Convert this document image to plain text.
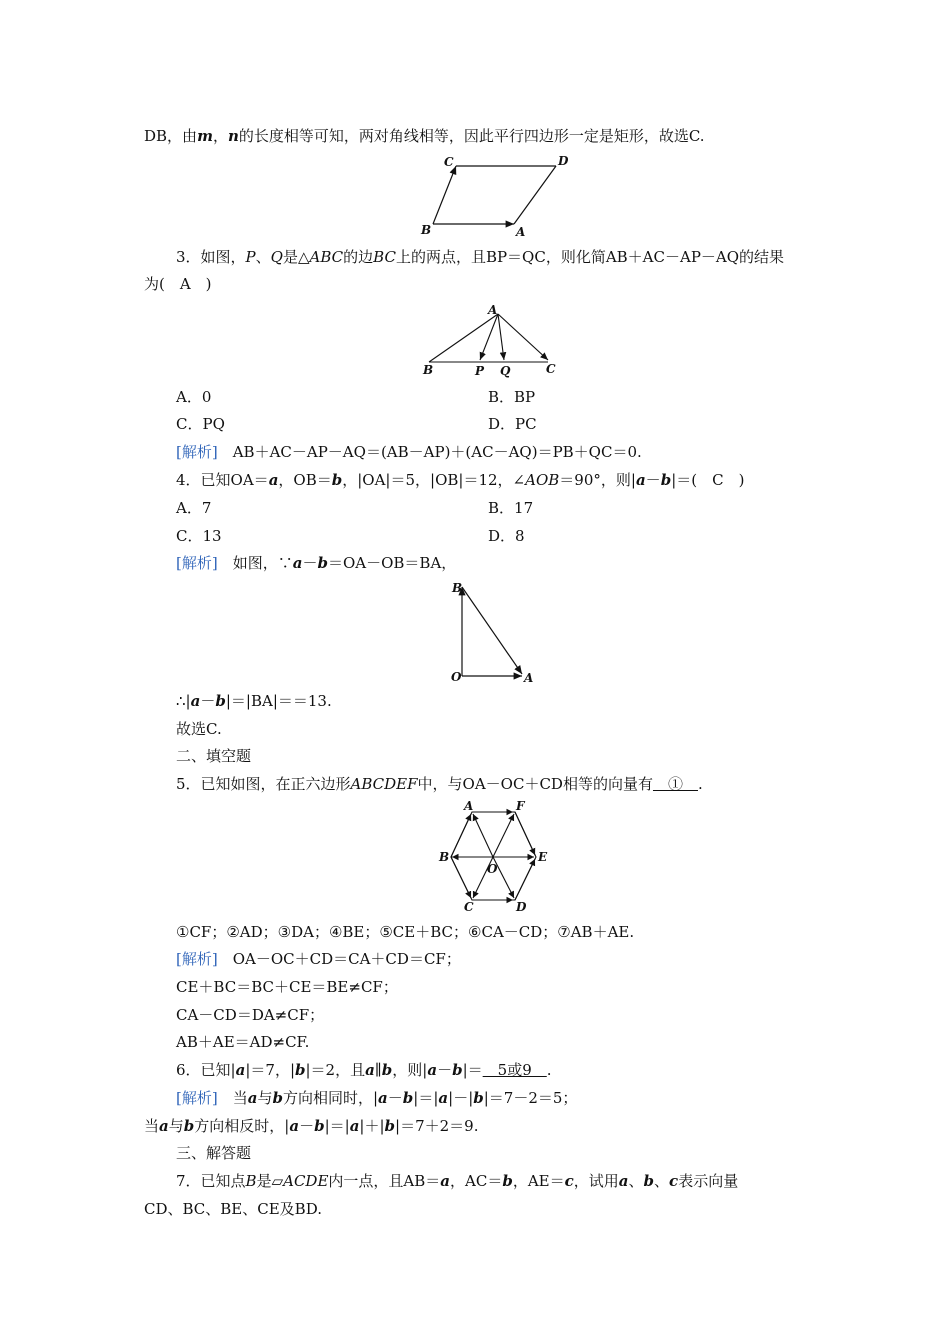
DB，由m，n的长度相等可知，两对角线相等，因此平行四边形一定是矩形，故选C.
C	D
B	A
3．如图，P、Q是△ABC的边BC上的两点，且BP＝QC，则化简AB＋AC－AP－AQ的结果
为(　A　)
A
B	P Q	C
A．0	B．BP
C．PQ	D．PC
[解析]　AB＋AC－AP－AQ＝(AB－AP)＋(AC－AQ)＝PB＋QC＝0.
4．已知OA＝a，OB＝b，|OA|＝5，|OB|＝12，∠AOB＝90°，则|a－b|＝(　C　)
A．7	B．17
C．13	D．8
[解析]　如图，∵a－b＝OA－OB＝BA，
B
O	A
∴|a－b|＝|BA|＝＝13.
故选C.
二、填空题
5．已知如图，在正六边形ABCDEF中，与OA－OC＋CD相等的向量有　①　.
A	F
B	E
O
C	D
①CF；②AD；③DA；④BE；⑤CE＋BC；⑥CA－CD；⑦AB＋AE.
[解析]　OA－OC＋CD＝CA＋CD＝CF；
CE＋BC＝BC＋CE＝BE≠CF；
CA－CD＝DA≠CF；
AB＋AE＝AD≠CF.
6．已知|a|＝7，|b|＝2，且a∥b，则|a－b|＝　5或9　.
[解析]　当a与b方向相同时，|a－b|＝|a|－|b|＝7－2＝5；
当a与b方向相反时，|a－b|＝|a|＋|b|＝7＋2＝9.
三、解答题
7．已知点B是▱ACDE内一点，且AB＝a，AC＝b，AE＝c，试用a、b、c表示向量
CD、BC、BE、CE及BD.
